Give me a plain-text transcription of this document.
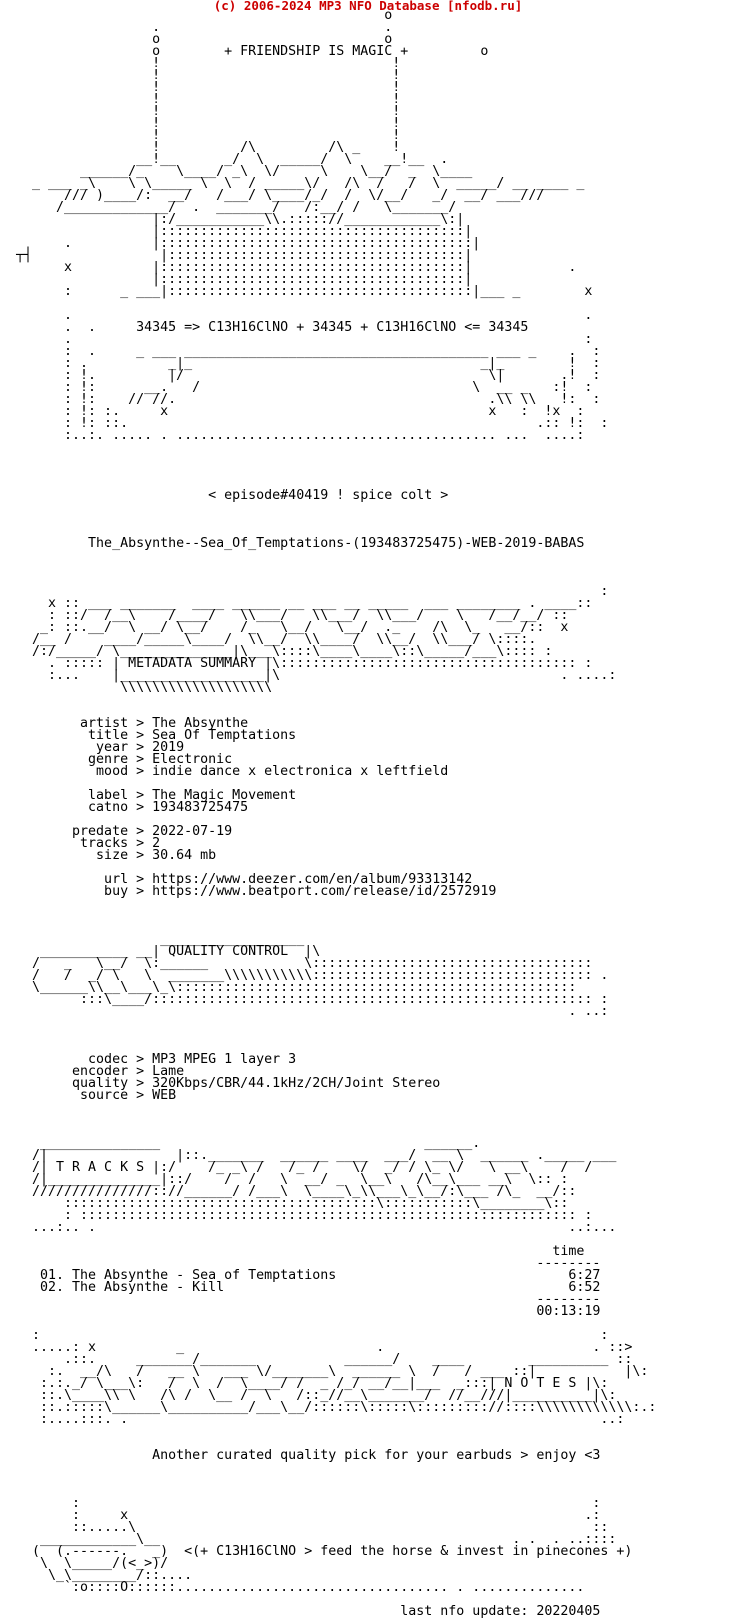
(c) 2006-2024 MP3 NFO Database [nfodb.ru]
o
.                            .
o                            o
o        + FRIENDSHIP IS MAGIC +         o
!                             !
!                             !
!                             !
!                             !
!                             !
!                             !
!                             !
!          /\         /\ _    !
__!__      _/  \  _____/  \    __!__  .
______/_    \____/ _\  \/     \    \__/  _  \____
_ ___ _\    \ \_____ \  \  / _____\/   /\  /   /  \  _____/ __ ____ _
/// )____/:  __/   /___/ \____/_/  /  \/__/   _/  __/ ___///
/_____________/  .  _______/   /:__/ /   \_______/
|:/___________\\.::::://____________\:|
|::::::::::::::::::::::::::::::::::::::|
.          |:::::::::::::::::::::::::::::::::::::::|
┬┤                |:::::::::::::::::::::::::::::::::::::|
x          |::::::::::::::::::::::::::::::::::::::|            .
|::::::::::::::::::::::::::::::::::::::|
:      _ ___|::::::::::::::::::::::::::::::::::::::|___ _        x

.                                                                .
.  .     34345 => C13H16ClNO + 34345 + C13H16ClNO <= 34345
.                                                                :
:  .     _ ___ ______________________________________ ___ _    .  :
: .          _|_                                    _|_        !  :
: !.         |/                                      \|       .!  :
: !:      __.   /                                  \  __ _   :!  :
: !:    // //.                                       .\\ \\   !:  :
: !: :.     x                                        x   :  !x  :
: !: ::.                                                   .:: !:  :
:..:. ..... . ........................................ ...  ....:

< episode#40419 ! spice colt >

The_Absynthe--Sea_Of_Temptations-(193483725475)-WEB-2019-BABAS

:
x :: ___ _______  ____ ______ __ ___ __ _____  ___ ________ . ____::
: ::/  /__\    /____/   \\___/   \\___/  \\___/    \   /__/__/ ::
_: ::.__/  \ __/ \__/    /_   \__/   \__/  ._    /\  \_   __/::  x
/__ /    ____/_____\____/  \\__/  \\____/  \\__/  \\___/ \::::.
/:/_____/ \______________|\___\::::\____\____\::\_____/___\:::: :
. ::::: | METADATA SUMMARY |\::::::::::::::::::::::::::::::::::::: :
:...    |__________________|\                                   . ....:
\\\\\\\\\\\\\\\\\\\

artist > The Absynthe
title > Sea Of Temptations
year > 2019
genre > Electronic
mood > indie dance x electronica x leftfield

label > The Magic Movement
catno > 193483725475

predate > 2022-07-19
tracks > 2
size > 30.64 mb

url > https://www.deezer.com/en/album/93313142
buy > https://www.beatport.com/release/id/2572919

__________________
___________ __| QUALITY CONTROL  |\
/   _   \__/  \:______            \:::::::::::::::::::::::::::::::::::
/   /  _/ \   \  _______\\\\\\\\\\\::::::::::::::::::::::::::::::::::: .
\______\\__\___\_\::::::::::::::::::::::::::::::::::::::::::::::::::
:::\____/::::::::::::::::::::::::::::::::::::::::::::::::::::::: :
. ..:

codec > MP3 MPEG 1 layer 3
encoder > Lame
quality > 320Kbps/CBR/44.1kHz/2CH/Joint Stereo
source > WEB

_______________                                 ______.
/|                |::._______  ______ ____  ___/  __ \  ______ ._____ ___
/| T R A C K S |:/    /_ _\ /   /_ /    \/  _/ / \_ \/   \ __\    /  /
/|______________|::/    /  /   \  __/ _  \__\   /\__\___ __\  \:: :
///////////////:://______/ /___\  \____\_\\___\_\__/:\___ /\_  __/::
:::::::::::::::::::::::::::::::::::::::\:::::::::::\________\::
: :::::::::::::::::::::::::::::::::::::::::::::::::::::::::::::: :
...:.. .                                                           ..:...

time
--------
01. The Absynthe - Sea of Temptations                             6:27
02. The Absynthe - Kill                                           6:52
--------
00:13:19

:                                                                      :
.....: x          _                        .                          . ::>
.::.     _______/_______           ______/    ____        __________ ::
:.  __/\   /   __ \   ___ \/_______\  ______ \  /   / ___ ::|           |\:
:.:._/ \___\:   /  \  /  \____/ /  _ /_/ __/__|___  _:::| N O T E S |\:
::.\____\\ \   /\ /  \__ /  \   /::_//__\_______/  //__///|__________|\:
::.:::::\______\__________/___\__/::::::\:::::\::::::::://::::\\\\\\\\\\\\:.:
:....:::. .                                                           ..:

Another curated quality pick for your earbuds > enjoy <3

:                                                                :
:     x                                                         .:
::.....\                                                         ::
____________\__                                            . .  . ..::::
(  (.------.   _)  <(+ C13H16ClNO > feed the horse & invest in pinecones +)
\  \_____/(<_>)/
\_\________/::....
`:o::::O::::::.................................. . ..............

last nfo update: 20220405
